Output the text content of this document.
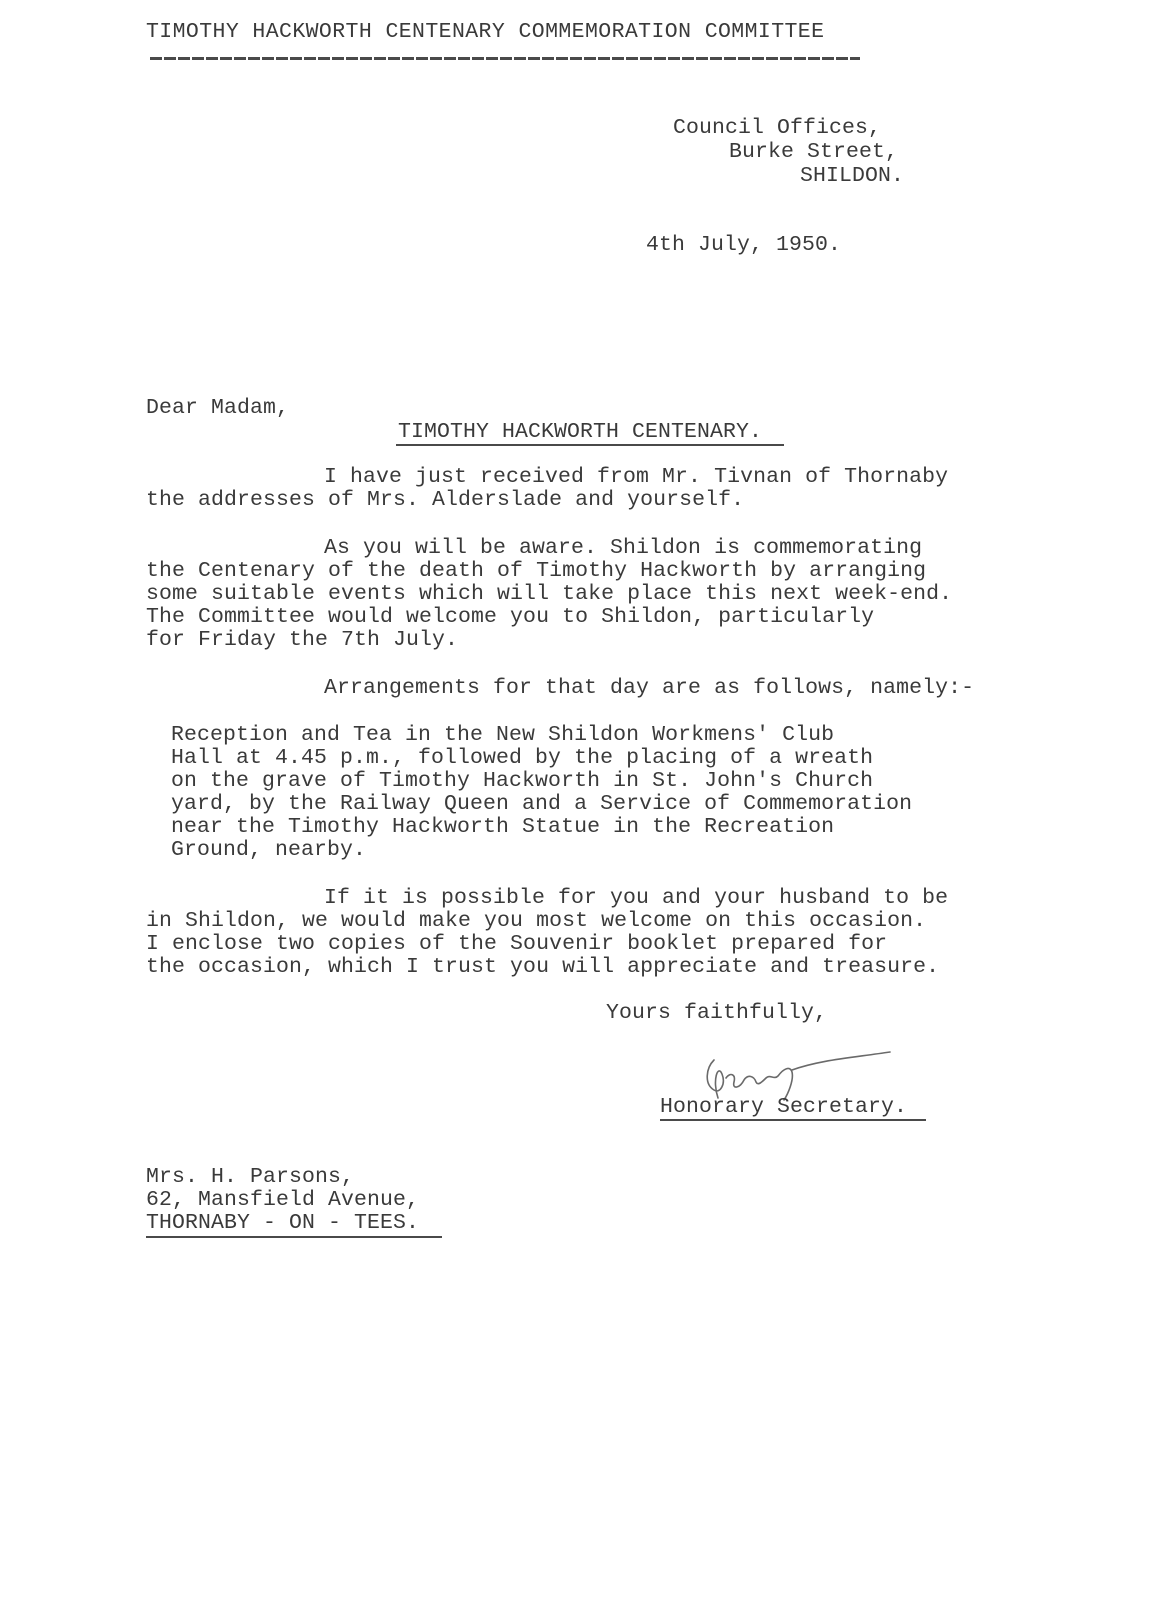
TIMOTHY HACKWORTH CENTENARY COMMEMORATION COMMITTEE
Council Offices,
Burke Street,
SHILDON.
4th July, 1950.
Dear Madam,
TIMOTHY HACKWORTH CENTENARY.
I have just received from Mr. Tivnan of Thornaby
the addresses of Mrs. Alderslade and yourself.
As you will be aware. Shildon is commemorating
the Centenary of the death of Timothy Hackworth by arranging
some suitable events which will take place this next week-end.
The Committee would welcome you to Shildon, particularly
for Friday the 7th July.
Arrangements for that day are as follows, namely:-
Reception and Tea in the New Shildon Workmens' Club
Hall at 4.45 p.m., followed by the placing of a wreath
on the grave of Timothy Hackworth in St. John's Church
yard, by the Railway Queen and a Service of Commemoration
near the Timothy Hackworth Statue in the Recreation
Ground, nearby.
If it is possible for you and your husband to be
in Shildon, we would make you most welcome on this occasion.
I enclose two copies of the Souvenir booklet prepared for
the occasion, which I trust you will appreciate and treasure.
Yours faithfully,
Honorary Secretary.
Mrs. H. Parsons,
62, Mansfield Avenue,
THORNABY - ON - TEES.
